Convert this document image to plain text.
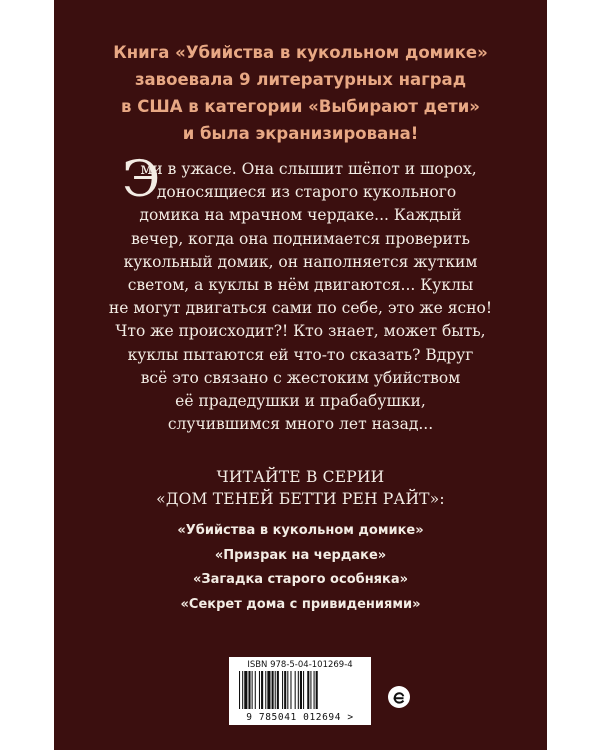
Книга «Убийства в кукольном домике»
завоевала 9 литературных наград
в США в категории «Выбирают дети»
и была экранизирована!
Э
ми в ужасе. Она слышит шёпот и шорох,
доносящиеся из старого кукольного
домика на мрачном чердаке... Каждый
вечер, когда она поднимается проверить
кукольный домик, он наполняется жутким
светом, а куклы в нём двигаются... Куклы
не могут двигаться сами по себе, это же ясно!
Что же происходит?! Кто знает, может быть,
куклы пытаются ей что-то сказать? Вдруг
всё это связано с жестоким убийством
её прадедушки и прабабушки,
случившимся много лет назад...
ЧИТАЙТЕ В СЕРИИ
«ДОМ ТЕНЕЙ БЕТТИ РЕН РАЙТ»:
«Убийства в кукольном домике»
«Призрак на чердаке»
«Загадка старого особняка»
«Секрет дома с привидениями»
ISBN 978-5-04-101269-4
9 785041 012694 >
